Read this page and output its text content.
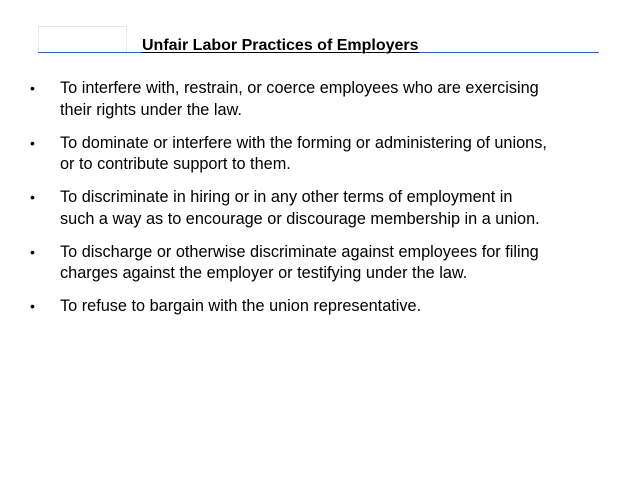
Unfair Labor Practices of Employers
•	To interfere with, restrain, or coerce employees who are exercising
their rights under the law.
•	To dominate or interfere with the forming or administering of unions,
or to contribute support to them.
•	To discriminate in hiring or in any other terms of employment in
such a way as to encourage or discourage membership in a union.
•	To discharge or otherwise discriminate against employees for filing
charges against the employer or testifying under the law.
•	To refuse to bargain with the union representative.
